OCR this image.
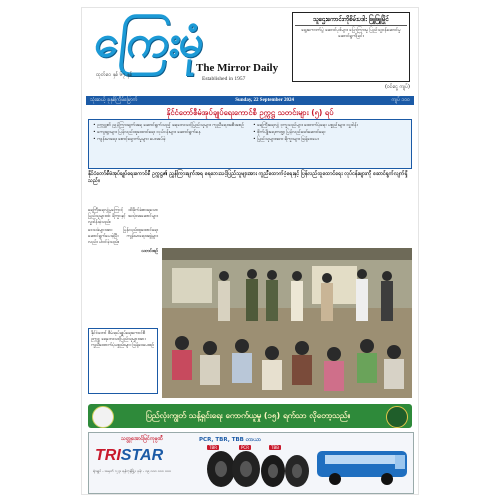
ကြေးမုံ
ထုတ်ဝေ နှစ် ၆၇ နှစ်
The Mirror Daily
Established in 1957
သူဌေးကောင်းကိုစိမ်းပဒါး ဖြူဖြူမြိုင်
ရွေးကောက်ပွဲ ဆောင်ပုဒ်များ ပြောကြားမှု ပြည်သူ့ဝန်ဆောင်မှု ဆောင်ရွက်ခြင်း
(ဝင်ငွေ ကျပ်)
သုံးဆယ့် ခုနှစ်ကြိမ်မြောက်	Sunday, 22 September 2024	ကျပ် ၁၀၀
နိုင်ငံတော်စီမံအုပ်ချုပ်ရေးကောင်စီ ဥက္ကဋ္ဌ သတင်းများ (၅) ရပ်

• ဥက္ကဋ္ဌ၏ ညွှန်ကြားချက်အရ ဆောင်ရွက်သည့် ရေဘေးသင့်ပြည်သူများ ကူညီရေးအစီအစဉ်

• ကျေးရွာများ ပြန်လည်ထူထောင်ရေး လုပ်ငန်းများ ဆောင်ရွက်နေ

• ကျန်းမာရေး စောင့်ရှောက်မှုများ ပေးအပ်ခဲ့

• ရေကြီးရေလျှံ ဒုက္ခသည်များ ထောက်ပံ့ရေး ပစ္စည်းများ လှူဒါန်း

• စိုက်ပျိုးရေးကဏ္ဍ ပြန်လည်ဖော်ဆောင်ရေး

• ပြည်သူများအား ရိက္ခာများ ဖြန့်ဝေပေး

နိုင်ငံတော်စီမံအုပ်ချုပ်ရေးကောင်စီ ဥက္ကဋ္ဌ၏ ညွှန်ကြားချက်အရ ရေဘေးသင့်ပြည်သူများအား ကူညီထောက်ပံ့ရေးနှင့် ပြန်လည်ထူထောင်ရေး လုပ်ငန်းများကို ဆောင်ရွက်လျက်ရှိသည်။

ရေကြီးရေလျှံမှုကြောင့် ထိခိုက်ခံစားရသော ပြည်သူများထံ ရိက္ခာနှင့် အသုံးအဆောင်များ လှူဒါန်းခဲ့သည်။

ဒေသခံများအား ပြန်လည်ထူထောင်ရေး ဆောင်ရွက်ပေးခဲ့ပြီး ကျန်းမာရေးအဖွဲ့များလည်း ပါဝင်ခဲ့သည်။

သတင်းစဉ်

နိုင်ငံတော် စီမံအုပ်ချုပ်ရေးကောင်စီ ဥက္ကဋ္ဌ ရေဘေးသင့်ပြည်သူများအား ကူညီထောက်ပံ့ပစ္စည်းများ ဖြန့်ဝေပေးစဉ်
ပြည်လုံးကျွတ် သန့်ရှင်းရေး ကောက်ယူမှု (၁၅) ရက်သာ လိုတော့သည်။
သတ္တုအောင်မြင်ကုမ္ပဏီ
TRISTAR
PCR, TBR, TBB တာယာ
ရုံးချုပ် - အမှတ် ၁၂၃၊ ရန်ကုန်မြို့။ ဖုန်း - ၀၉ ၀၀၀ ၀၀၀ ၀၀၀
TBR	PCR	TBB
